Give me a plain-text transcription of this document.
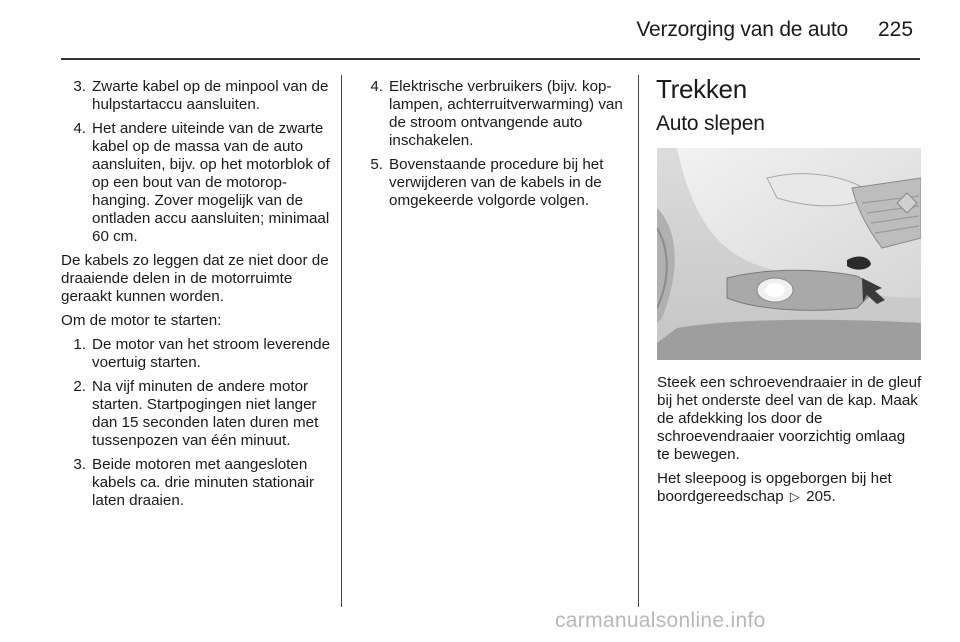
Verzorging van de auto 225
3. Zwarte kabel op de minpool van de hulpstartaccu aansluiten.
4. Het andere uiteinde van de zwarte kabel op de massa van de auto aansluiten, bijv. op het motorblok of op een bout van de motorophanging. Zover mogelijk van de ontladen accu aansluiten; minimaal 60 cm.
De kabels zo leggen dat ze niet door de draaiende delen in de motorruimte geraakt kunnen worden.
Om de motor te starten:
1. De motor van het stroom leverende voertuig starten.
2. Na vijf minuten de andere motor starten. Startpogingen niet langer dan 15 seconden laten duren met tussenpozen van één minuut.
3. Beide motoren met aangesloten kabels ca. drie minuten stationair laten draaien.
4. Elektrische verbruikers (bijv. koplampen, achterruitverwarming) van de stroom ontvangende auto inschakelen.
5. Bovenstaande procedure bij het verwijderen van de kabels in de omgekeerde volgorde volgen.
Trekken
Auto slepen
Steek een schroevendraaier in de gleuf bij het onderste deel van de kap. Maak de afdekking los door de schroevendraaier voorzichtig omlaag te bewegen.
Het sleepoog is opgeborgen bij het boordgereedschap ▷ 205.
carmanualsonline.info
